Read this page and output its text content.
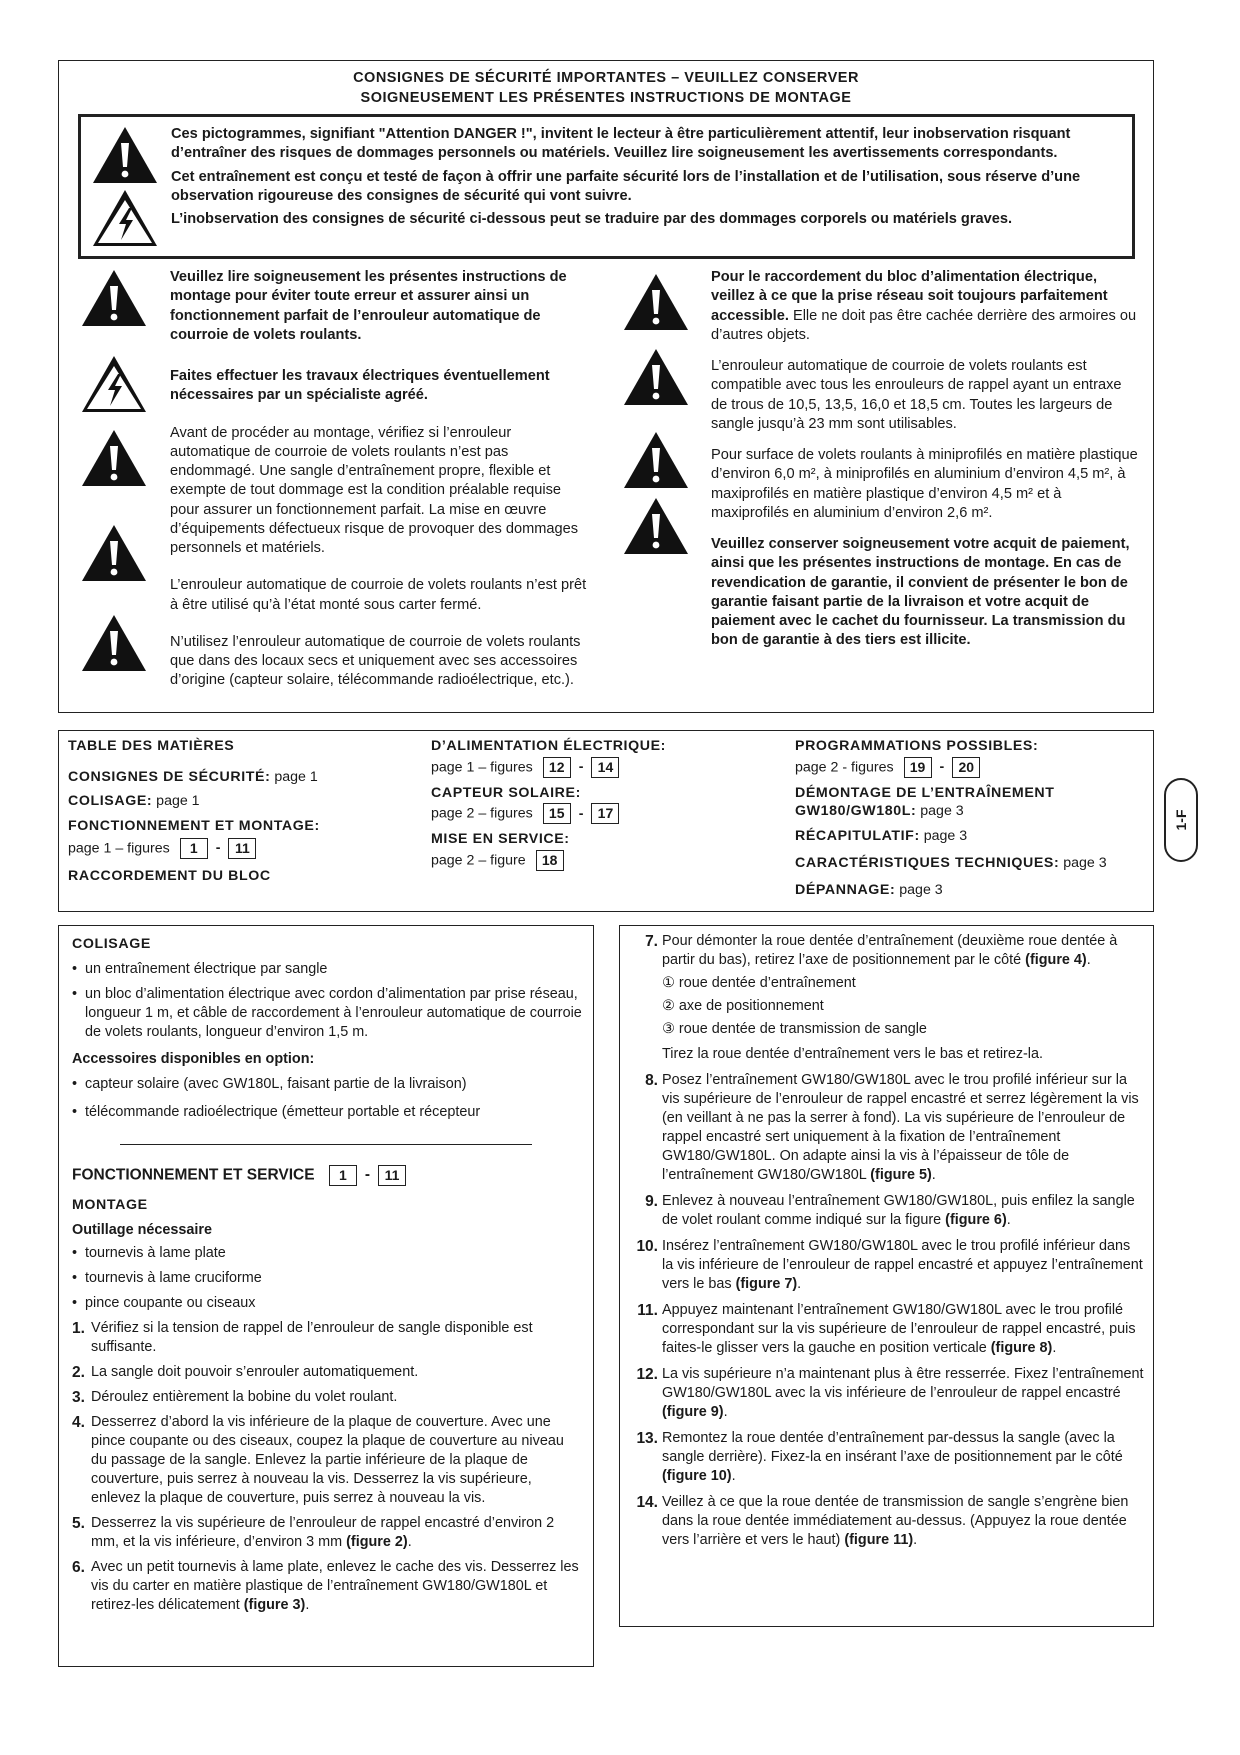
CONSIGNES DE SÉCURITÉ IMPORTANTES – VEUILLEZ CONSERVER
SOIGNEUSEMENT LES PRÉSENTES INSTRUCTIONS DE MONTAGE
Ces pictogrammes, signifiant "Attention DANGER !", invitent le lecteur à être particulièrement attentif, leur inobservation risquant d’entraîner des risques de dommages personnels ou matériels. Veuillez lire soigneusement les avertissements correspondants.
Cet entraînement est conçu et testé de façon à offrir une parfaite sécurité lors de l’installation et de l’utilisation, sous réserve d’une observation rigoureuse des consignes de sécurité qui vont suivre.
L’inobservation des consignes de sécurité ci-dessous peut se traduire par des dommages corporels ou matériels graves.
Veuillez lire soigneusement les présentes instructions de montage pour éviter toute erreur et assurer ainsi un fonctionnement parfait de l’enrouleur automatique de courroie de volets roulants.
Faites effectuer les travaux électriques éventuellement nécessaires par un spécialiste agréé.
Avant de procéder au montage, vérifiez si l’enrouleur automatique de courroie de volets roulants n’est pas endommagé. Une sangle d’entraînement propre, flexible et exempte de tout dommage est la condition préalable requise pour assurer un fonctionnement parfait. La mise en œuvre d’équipements défectueux risque de provoquer des dommages personnels et matériels.
L’enrouleur automatique de courroie de volets roulants n’est prêt à être utilisé qu’à l’état monté sous carter fermé.
N’utilisez l’enrouleur automatique de courroie de volets roulants que dans des locaux secs et uniquement avec ses accessoires d’origine (capteur solaire, télécommande radioélectrique, etc.).
Pour le raccordement du bloc d’alimentation électrique, veillez à ce que la prise réseau soit toujours parfaitement accessible. Elle ne doit pas être cachée derrière des armoires ou d’autres objets.
L’enrouleur automatique de courroie de volets roulants est compatible avec tous les enrouleurs de rappel ayant un entraxe de trous de 10,5, 13,5, 16,0 et 18,5 cm. Toutes les largeurs de sangle jusqu’à 23 mm sont utilisables.
Pour surface de volets roulants à miniprofilés en matière plastique d’environ 6,0 m², à miniprofilés en aluminium d’environ 4,5 m², à maxiprofilés en matière plastique d’environ 4,5 m² et à maxiprofilés en aluminium d’environ 2,6 m².
Veuillez conserver soigneusement votre acquit de paiement, ainsi que les présentes instructions de montage. En cas de revendication de garantie, il convient de présenter le bon de garantie faisant partie de la livraison et votre acquit de paiement avec le cachet du fournisseur. La transmission du bon de garantie à des tiers est illicite.
TABLE DES MATIÈRES
CONSIGNES DE SÉCURITÉ: page 1
COLISAGE: page 1
FONCTIONNEMENT ET MONTAGE:
page 1 – figures 1 - 11
RACCORDEMENT DU BLOC
D’ALIMENTATION ÉLECTRIQUE:
page 1 – figures 12 - 14
CAPTEUR SOLAIRE:
page 2 – figures 15 - 17
MISE EN SERVICE:
page 2 – figure 18
PROGRAMMATIONS POSSIBLES:
page 2 - figures 19 - 20
DÉMONTAGE DE L’ENTRAÎNEMENT
GW180/GW180L: page 3
RÉCAPITULATIF: page 3
CARACTÉRISTIQUES TECHNIQUES: page 3
DÉPANNAGE: page 3
1-F
COLISAGE
• un entraînement électrique par sangle
• un bloc d’alimentation électrique avec cordon d’alimentation par prise réseau, longueur 1 m, et câble de raccordement à l’enrouleur automatique de courroie de volets roulants, longueur d’environ 1,5 m.
Accessoires disponibles en option:
• capteur solaire (avec GW180L, faisant partie de la livraison)
• télécommande radioélectrique (émetteur portable et récepteur
FONCTIONNEMENT ET SERVICE 1 - 11
MONTAGE
Outillage nécessaire
• tournevis à lame plate
• tournevis à lame cruciforme
• pince coupante ou ciseaux
1. Vérifiez si la tension de rappel de l’enrouleur de sangle disponible est suffisante.
2. La sangle doit pouvoir s’enrouler automatiquement.
3. Déroulez entièrement la bobine du volet roulant.
4. Desserrez d’abord la vis inférieure de la plaque de couverture. Avec une pince coupante ou des ciseaux, coupez la plaque de couverture au niveau du passage de la sangle. Enlevez la partie inférieure de la plaque de couverture, puis serrez à nouveau la vis. Desserrez la vis supérieure, enlevez la plaque de couverture, puis serrez à nouveau la vis.
5. Desserrez la vis supérieure de l’enrouleur de rappel encastré d’environ 2 mm, et la vis inférieure, d’environ 3 mm (figure 2).
6. Avec un petit tournevis à lame plate, enlevez le cache des vis. Desserrez les vis du carter en matière plastique de l’entraînement GW180/GW180L et retirez-les délicatement (figure 3).
7. Pour démonter la roue dentée d’entraînement (deuxième roue dentée à partir du bas), retirez l’axe de positionnement par le côté (figure 4).
① roue dentée d’entraînement
② axe de positionnement
③ roue dentée de transmission de sangle
Tirez la roue dentée d’entraînement vers le bas et retirez-la.
8. Posez l’entraînement GW180/GW180L avec le trou profilé inférieur sur la vis supérieure de l’enrouleur de rappel encastré et serrez légèrement la vis (en veillant à ne pas la serrer à fond). La vis supérieure de l’enrouleur de rappel encastré sert uniquement à la fixation de l’entraînement GW180/GW180L. On adapte ainsi la vis à l’épaisseur de tôle de l’entraînement GW180/GW180L (figure 5).
9. Enlevez à nouveau l’entraînement GW180/GW180L, puis enfilez la sangle de volet roulant comme indiqué sur la figure (figure 6).
10. Insérez l’entraînement GW180/GW180L avec le trou profilé inférieur dans la vis inférieure de l’enrouleur de rappel encastré et appuyez l’entraînement vers le bas (figure 7).
11. Appuyez maintenant l’entraînement GW180/GW180L avec le trou profilé correspondant sur la vis supérieure de l’enrouleur de rappel encastré, puis faites-le glisser vers la gauche en position verticale (figure 8).
12. La vis supérieure n’a maintenant plus à être resserrée. Fixez l’entraînement GW180/GW180L avec la vis inférieure de l’enrouleur de rappel encastré (figure 9).
13. Remontez la roue dentée d’entraînement par-dessus la sangle (avec la sangle derrière). Fixez-la en insérant l’axe de positionnement par le côté (figure 10).
14. Veillez à ce que la roue dentée de transmission de sangle s’engrène bien dans la roue dentée immédiatement au-dessus. (Appuyez la roue dentée vers l’arrière et vers le haut) (figure 11).
